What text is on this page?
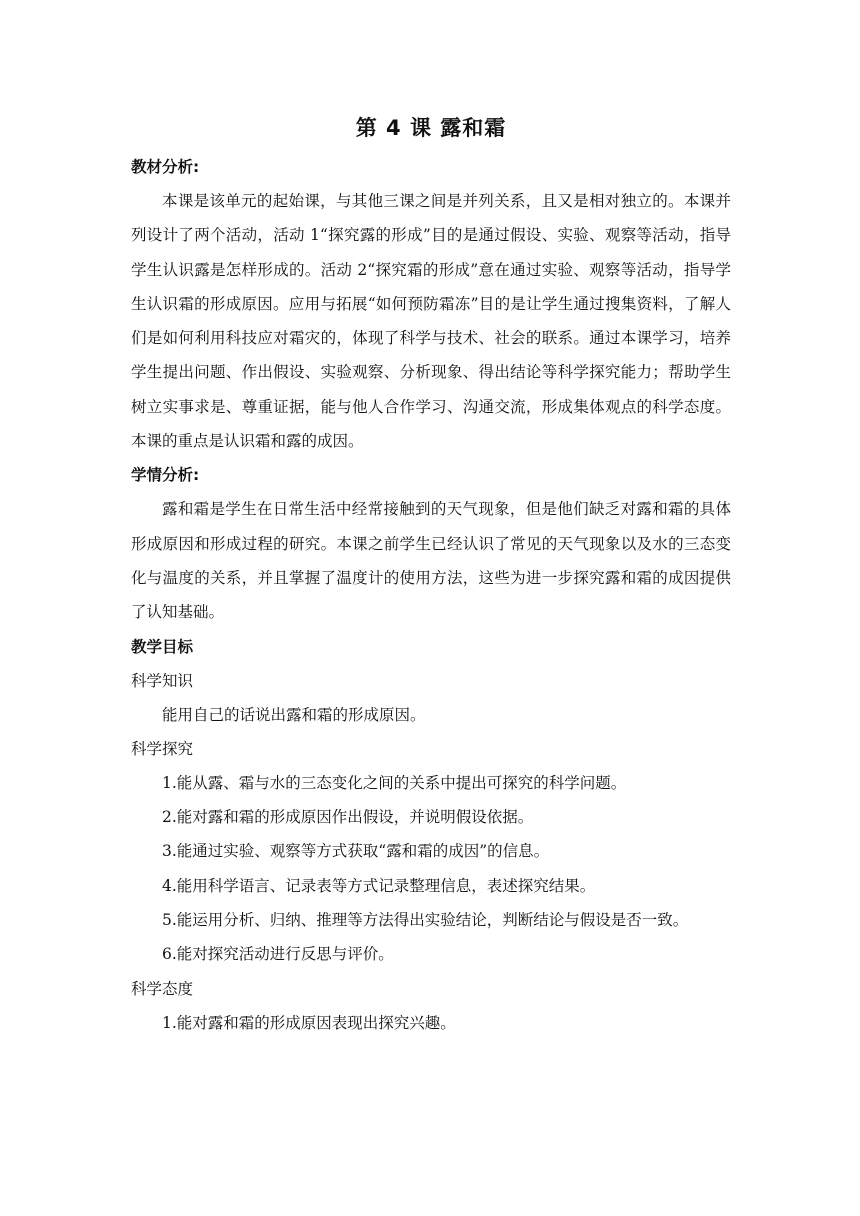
第 4 课 露和霜
教材分析:

本课是该单元的起始课，与其他三课之间是并列关系，且又是相对独立的。本课并列设计了两个活动，活动 1“探究露的形成”目的是通过假设、实验、观察等活动，指导学生认识露是怎样形成的。活动 2“探究霜的形成”意在通过实验、观察等活动，指导学生认识霜的形成原因。应用与拓展“如何预防霜冻”目的是让学生通过搜集资料，了解人们是如何利用科技应对霜灾的，体现了科学与技术、社会的联系。通过本课学习，培养学生提出问题、作出假设、实验观察、分析现象、得出结论等科学探究能力；帮助学生树立实事求是、尊重证据，能与他人合作学习、沟通交流，形成集体观点的科学态度。本课的重点是认识霜和露的成因。

学情分析:

露和霜是学生在日常生活中经常接触到的天气现象，但是他们缺乏对露和霜的具体形成原因和形成过程的研究。本课之前学生已经认识了常见的天气现象以及水的三态变化与温度的关系，并且掌握了温度计的使用方法，这些为进一步探究露和霜的成因提供了认知基础。

教学目标
科学知识

能用自己的话说出露和霜的形成原因。

科学探究

1.能从露、霜与水的三态变化之间的关系中提出可探究的科学问题。

2.能对露和霜的形成原因作出假设，并说明假设依据。

3.能通过实验、观察等方式获取“露和霜的成因”的信息。

4.能用科学语言、记录表等方式记录整理信息，表述探究结果。

5.能运用分析、归纳、推理等方法得出实验结论，判断结论与假设是否一致。

6.能对探究活动进行反思与评价。

科学态度

1.能对露和霜的形成原因表现出探究兴趣。
